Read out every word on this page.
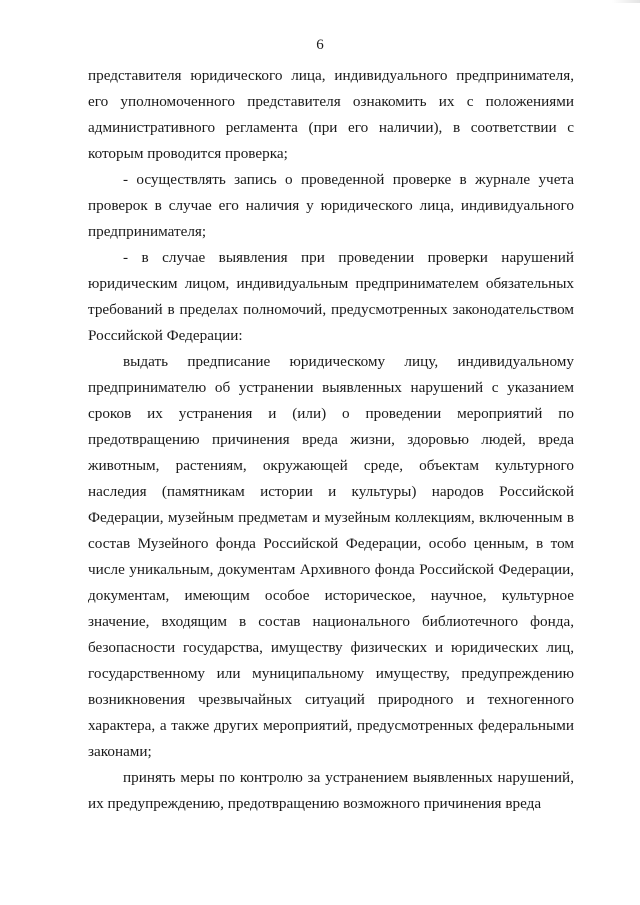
6

представителя юридического лица, индивидуального предпринимателя, его уполномоченного представителя ознакомить их с положениями административного регламента (при его наличии), в соответствии с которым проводится проверка;

- осуществлять запись о проведенной проверке в журнале учета проверок в случае его наличия у юридического лица, индивидуального предпринимателя;

- в случае выявления при проведении проверки нарушений юридическим лицом, индивидуальным предпринимателем обязательных требований в пределах полномочий, предусмотренных законодательством Российской Федерации:

выдать предписание юридическому лицу, индивидуальному предпринимателю об устранении выявленных нарушений с указанием сроков их устранения и (или) о проведении мероприятий по предотвращению причинения вреда жизни, здоровью людей, вреда животным, растениям, окружающей среде, объектам культурного наследия (памятникам истории и культуры) народов Российской Федерации, музейным предметам и музейным коллекциям, включенным в состав Музейного фонда Российской Федерации, особо ценным, в том числе уникальным, документам Архивного фонда Российской Федерации, документам, имеющим особое историческое, научное, культурное значение, входящим в состав национального библиотечного фонда, безопасности государства, имуществу физических и юридических лиц, государственному или муниципальному имуществу, предупреждению возникновения чрезвычайных ситуаций природного и техногенного характера, а также других мероприятий, предусмотренных федеральными законами;

принять меры по контролю за устранением выявленных нарушений, их предупреждению, предотвращению возможного причинения вреда
